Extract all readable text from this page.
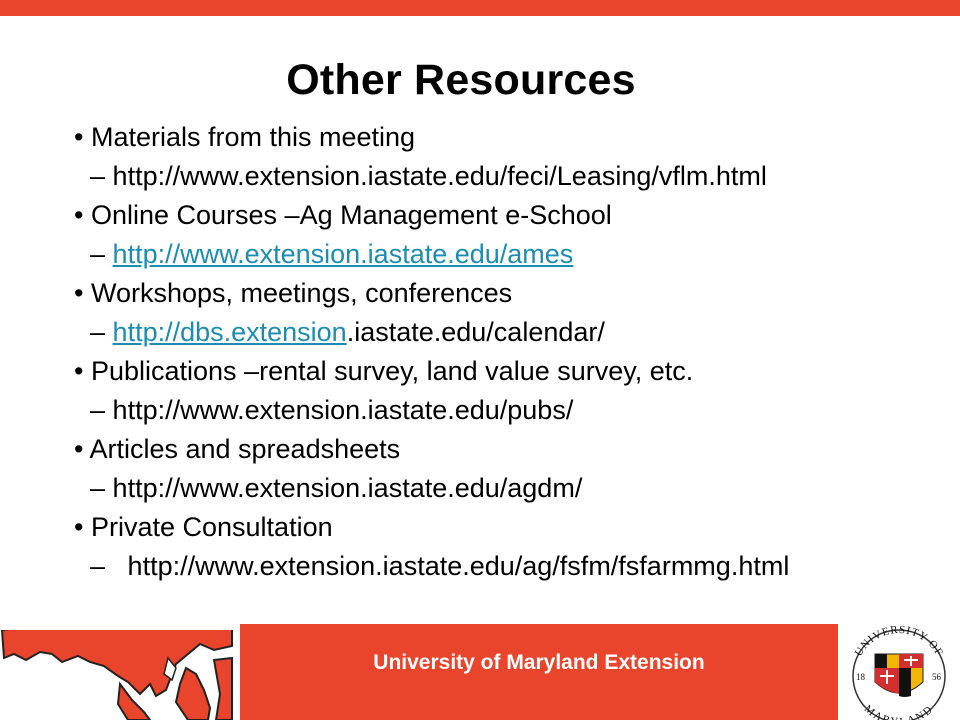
Other Resources
• Materials from this meeting
– http://www.extension.iastate.edu/feci/Leasing/vflm.html
• Online Courses –Ag Management e-School
– http://www.extension.iastate.edu/ames
• Workshops, meetings, conferences
– http://dbs.extension.iastate.edu/calendar/
• Publications –rental survey, land value survey, etc.
– http://www.extension.iastate.edu/pubs/
• Articles and spreadsheets
– http://www.extension.iastate.edu/agdm/
• Private Consultation
– http://www.extension.iastate.edu/ag/fsfm/fsfarmmg.html
University of Maryland Extension	UNIVERSITY OF
MA AND
18	56
